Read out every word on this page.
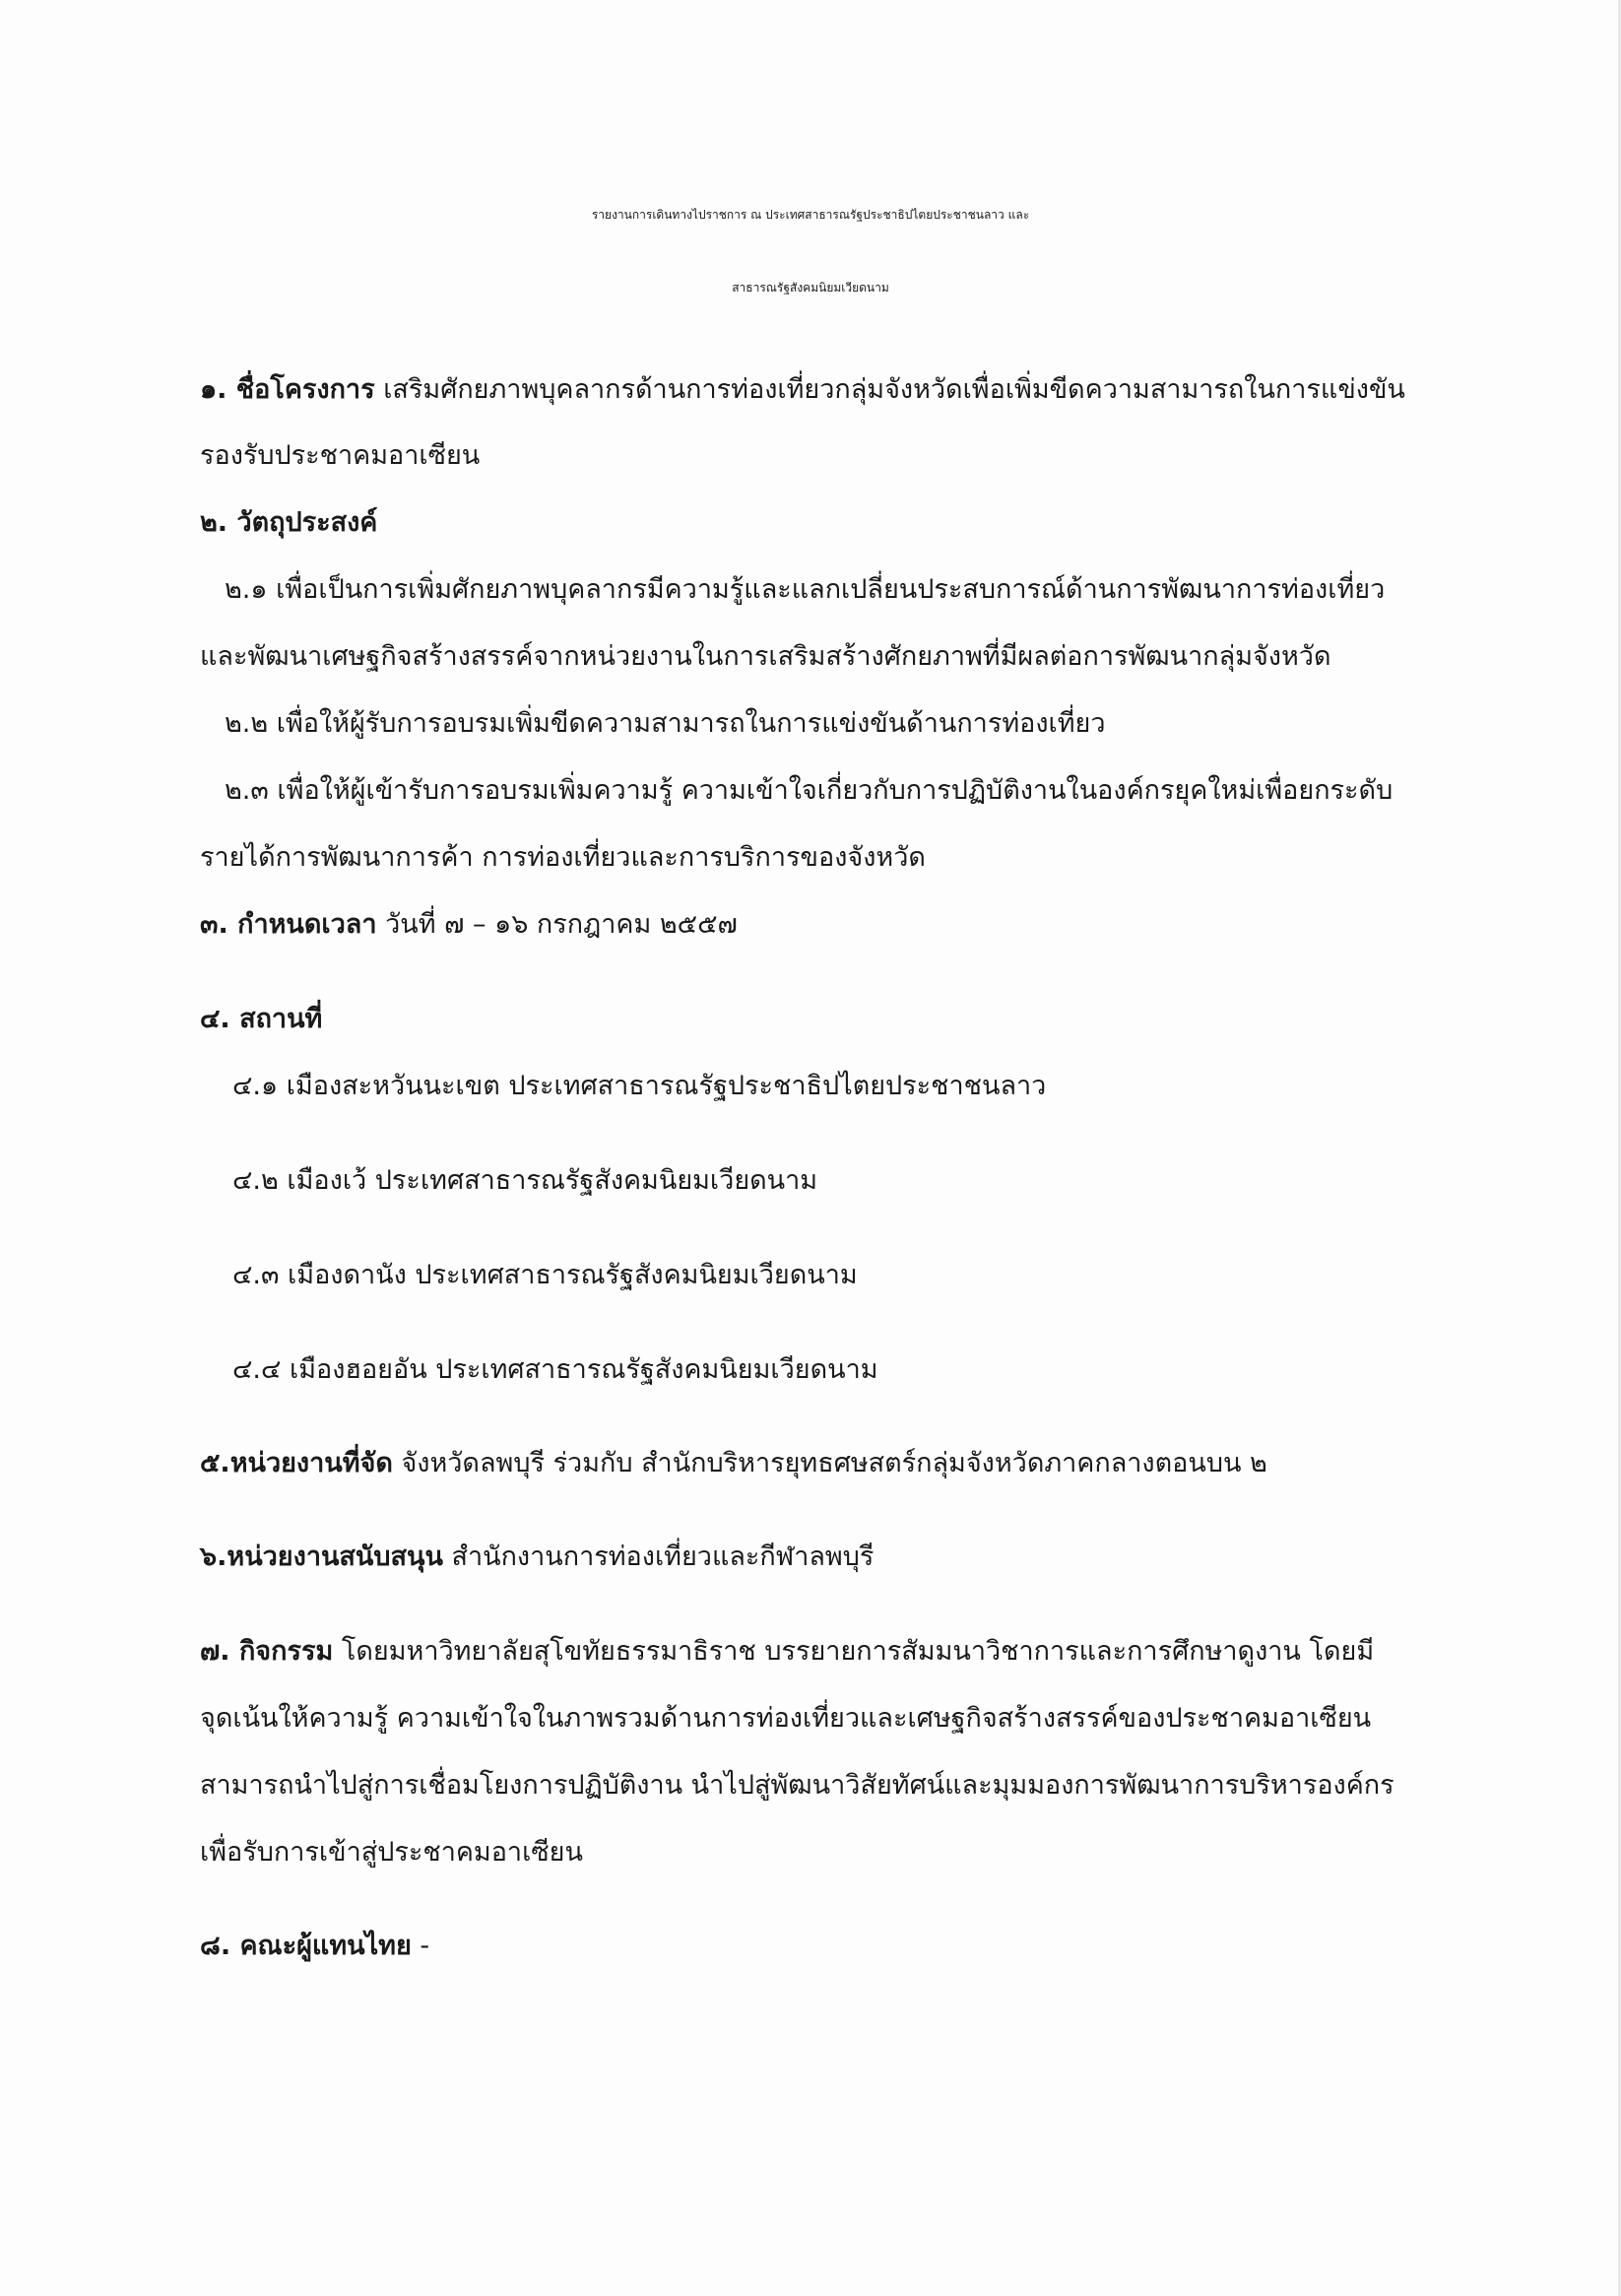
รายงานการเดินทางไปราชการ ณ ประเทศสาธารณรัฐประชาธิปไตยประชาชนลาว และ
สาธารณรัฐสังคมนิยมเวียดนาม
๑. ชื่อโครงการ เสริมศักยภาพบุคลากรด้านการท่องเที่ยวกลุ่มจังหวัดเพื่อเพิ่มขีดความสามารถในการแข่งขัน
รองรับประชาคมอาเซียน
๒. วัตถุประสงค์
๒.๑ เพื่อเป็นการเพิ่มศักยภาพบุคลากรมีความรู้และแลกเปลี่ยนประสบการณ์ด้านการพัฒนาการท่องเที่ยว
และพัฒนาเศษฐกิจสร้างสรรค์จากหน่วยงานในการเสริมสร้างศักยภาพที่มีผลต่อการพัฒนากลุ่มจังหวัด
๒.๒ เพื่อให้ผู้รับการอบรมเพิ่มขีดความสามารถในการแข่งขันด้านการท่องเที่ยว
๒.๓ เพื่อให้ผู้เข้ารับการอบรมเพิ่มความรู้ ความเข้าใจเกี่ยวกับการปฏิบัติงานในองค์กรยุคใหม่เพื่อยกระดับ
รายได้การพัฒนาการค้า การท่องเที่ยวและการบริการของจังหวัด
๓. กำหนดเวลา วันที่ ๗ – ๑๖ กรกฎาคม ๒๕๕๗
๔. สถานที่
๔.๑ เมืองสะหวันนะเขต ประเทศสาธารณรัฐประชาธิปไตยประชาชนลาว
๔.๒ เมืองเว้ ประเทศสาธารณรัฐสังคมนิยมเวียดนาม
๔.๓ เมืองดานัง ประเทศสาธารณรัฐสังคมนิยมเวียดนาม
๔.๔ เมืองฮอยอัน ประเทศสาธารณรัฐสังคมนิยมเวียดนาม
๕.หน่วยงานที่จัด จังหวัดลพบุรี ร่วมกับ สำนักบริหารยุทธศษสตร์กลุ่มจังหวัดภาคกลางตอนบน ๒
๖.หน่วยงานสนับสนุน สำนักงานการท่องเที่ยวและกีฬาลพบุรี
๗. กิจกรรม โดยมหาวิทยาลัยสุโขทัยธรรมาธิราช บรรยายการสัมมนาวิชาการและการศึกษาดูงาน โดยมี
จุดเน้นให้ความรู้ ความเข้าใจในภาพรวมด้านการท่องเที่ยวและเศษฐกิจสร้างสรรค์ของประชาคมอาเซียน
สามารถนำไปสู่การเชื่อมโยงการปฏิบัติงาน นำไปสู่พัฒนาวิสัยทัศน์และมุมมองการพัฒนาการบริหารองค์กร
เพื่อรับการเข้าสู่ประชาคมอาเซียน
๘. คณะผู้แทนไทย -
